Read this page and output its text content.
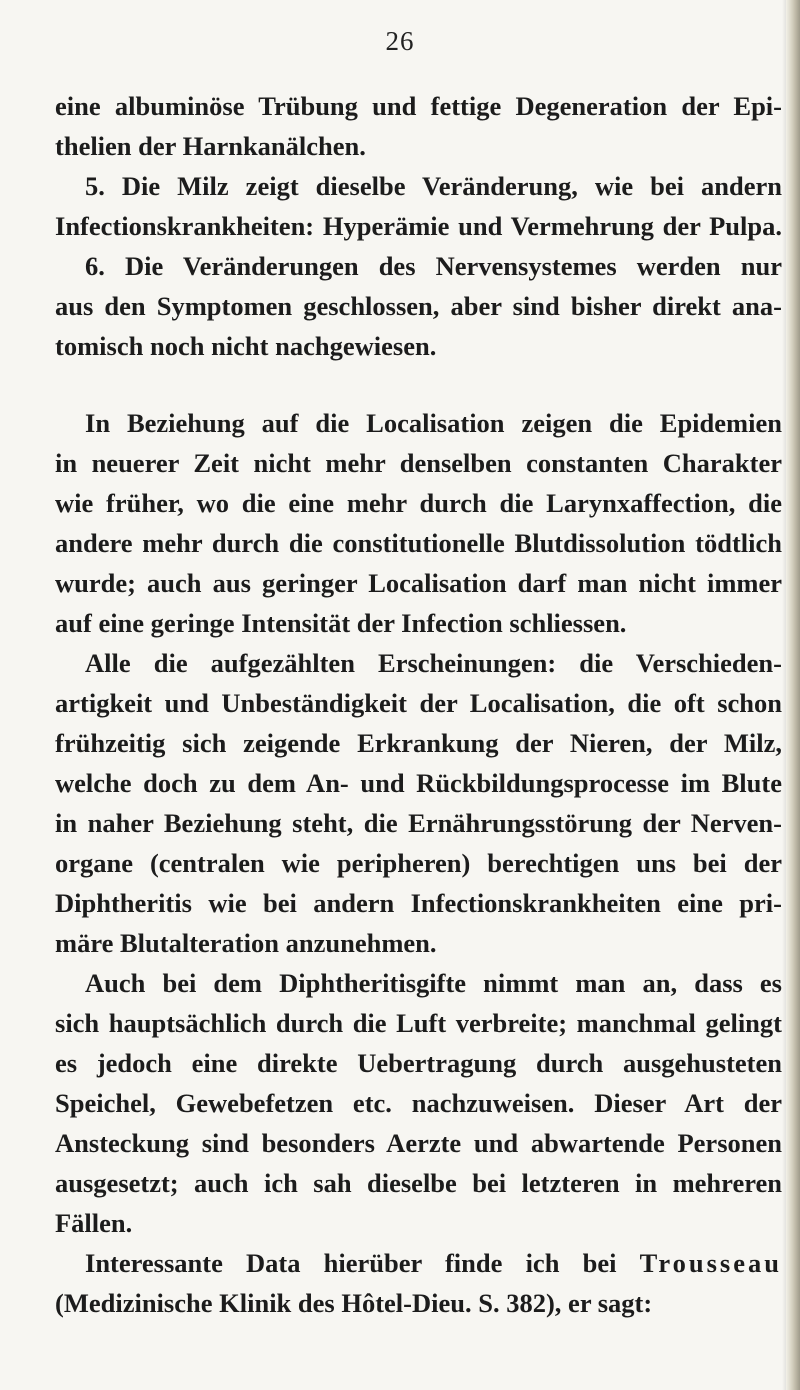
26
eine albuminöse Trübung und fettige Degeneration der Epi-
thelien der Harnkanälchen.
5. Die Milz zeigt dieselbe Veränderung, wie bei andern
Infectionskrankheiten: Hyperämie und Vermehrung der Pulpa.
6. Die Veränderungen des Nervensystemes werden nur
aus den Symptomen geschlossen, aber sind bisher direkt ana-
tomisch noch nicht nachgewiesen.
In Beziehung auf die Localisation zeigen die Epidemien
in neuerer Zeit nicht mehr denselben constanten Charakter
wie früher, wo die eine mehr durch die Larynxaffection, die
andere mehr durch die constitutionelle Blutdissolution tödtlich
wurde; auch aus geringer Localisation darf man nicht immer
auf eine geringe Intensität der Infection schliessen.
Alle die aufgezählten Erscheinungen: die Verschieden-
artigkeit und Unbeständigkeit der Localisation, die oft schon
frühzeitig sich zeigende Erkrankung der Nieren, der Milz,
welche doch zu dem An- und Rückbildungsprocesse im Blute
in naher Beziehung steht, die Ernährungsstörung der Nerven-
organe (centralen wie peripheren) berechtigen uns bei der
Diphtheritis wie bei andern Infectionskrankheiten eine pri-
märe Blutalteration anzunehmen.
Auch bei dem Diphtheritisgifte nimmt man an, dass es
sich hauptsächlich durch die Luft verbreite; manchmal gelingt
es jedoch eine direkte Uebertragung durch ausgehusteten
Speichel, Gewebefetzen etc. nachzuweisen. Dieser Art der
Ansteckung sind besonders Aerzte und abwartende Personen
ausgesetzt; auch ich sah dieselbe bei letzteren in mehreren
Fällen.
Interessante Data hierüber finde ich bei Trousseau
(Medizinische Klinik des Hôtel-Dieu. S. 382), er sagt:
